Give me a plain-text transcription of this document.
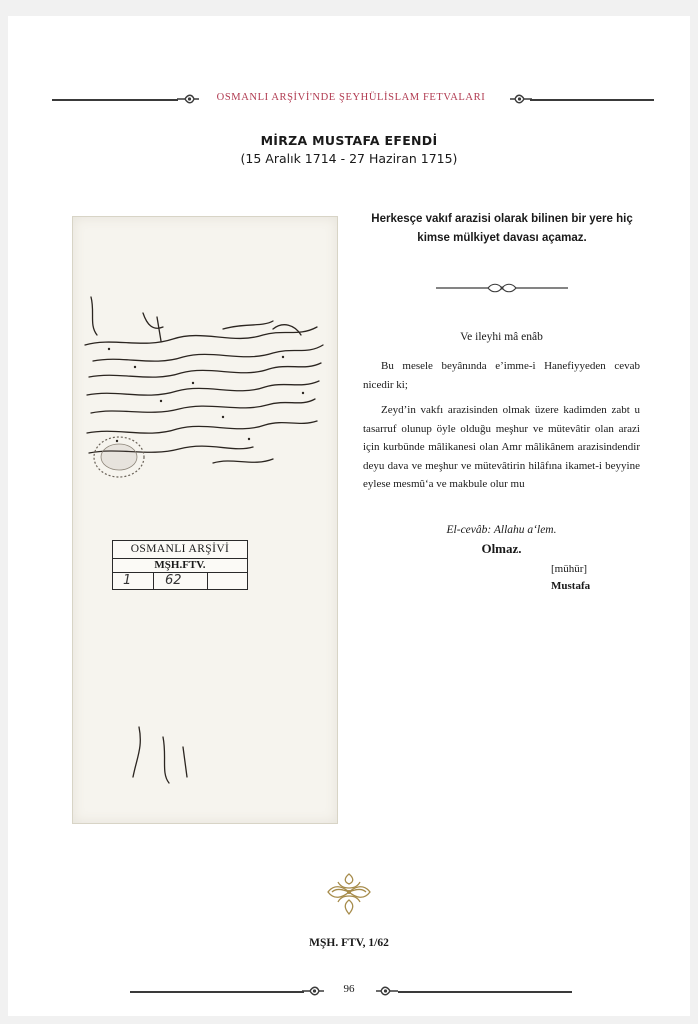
OSMANLI ARŞİVİ'NDE ŞEYHÜLİSLAM FETVALARI
MİRZA MUSTAFA EFENDİ
(15 Aralık 1714 - 27 Haziran 1715)
OSMANLI ARŞİVİ
MŞH.FTV.
1	62
Herkesçe vakıf arazisi olarak bilinen bir yere hiç kimse mülkiyet davası açamaz.
Ve ileyhi mâ enâb
Bu mesele beyânında e’imme-i Hanefiyyeden cevab nicedir ki;
Zeyd’in vakfı arazisinden olmak üzere kadimden zabt u tasarruf olunup öyle olduğu meşhur ve mütevâtir olan arazi için kurbünde mâlikanesi olan Amr mâlikânem arazisindendir deyu dava ve meşhur ve mütevâtirin hilâfına ikamet-i beyyine eylese mesmû‘a ve makbule olur mu
El-cevâb: Allahu a‘lem.
Olmaz.
[mühür]
Mustafa
MŞH. FTV, 1/62
96
